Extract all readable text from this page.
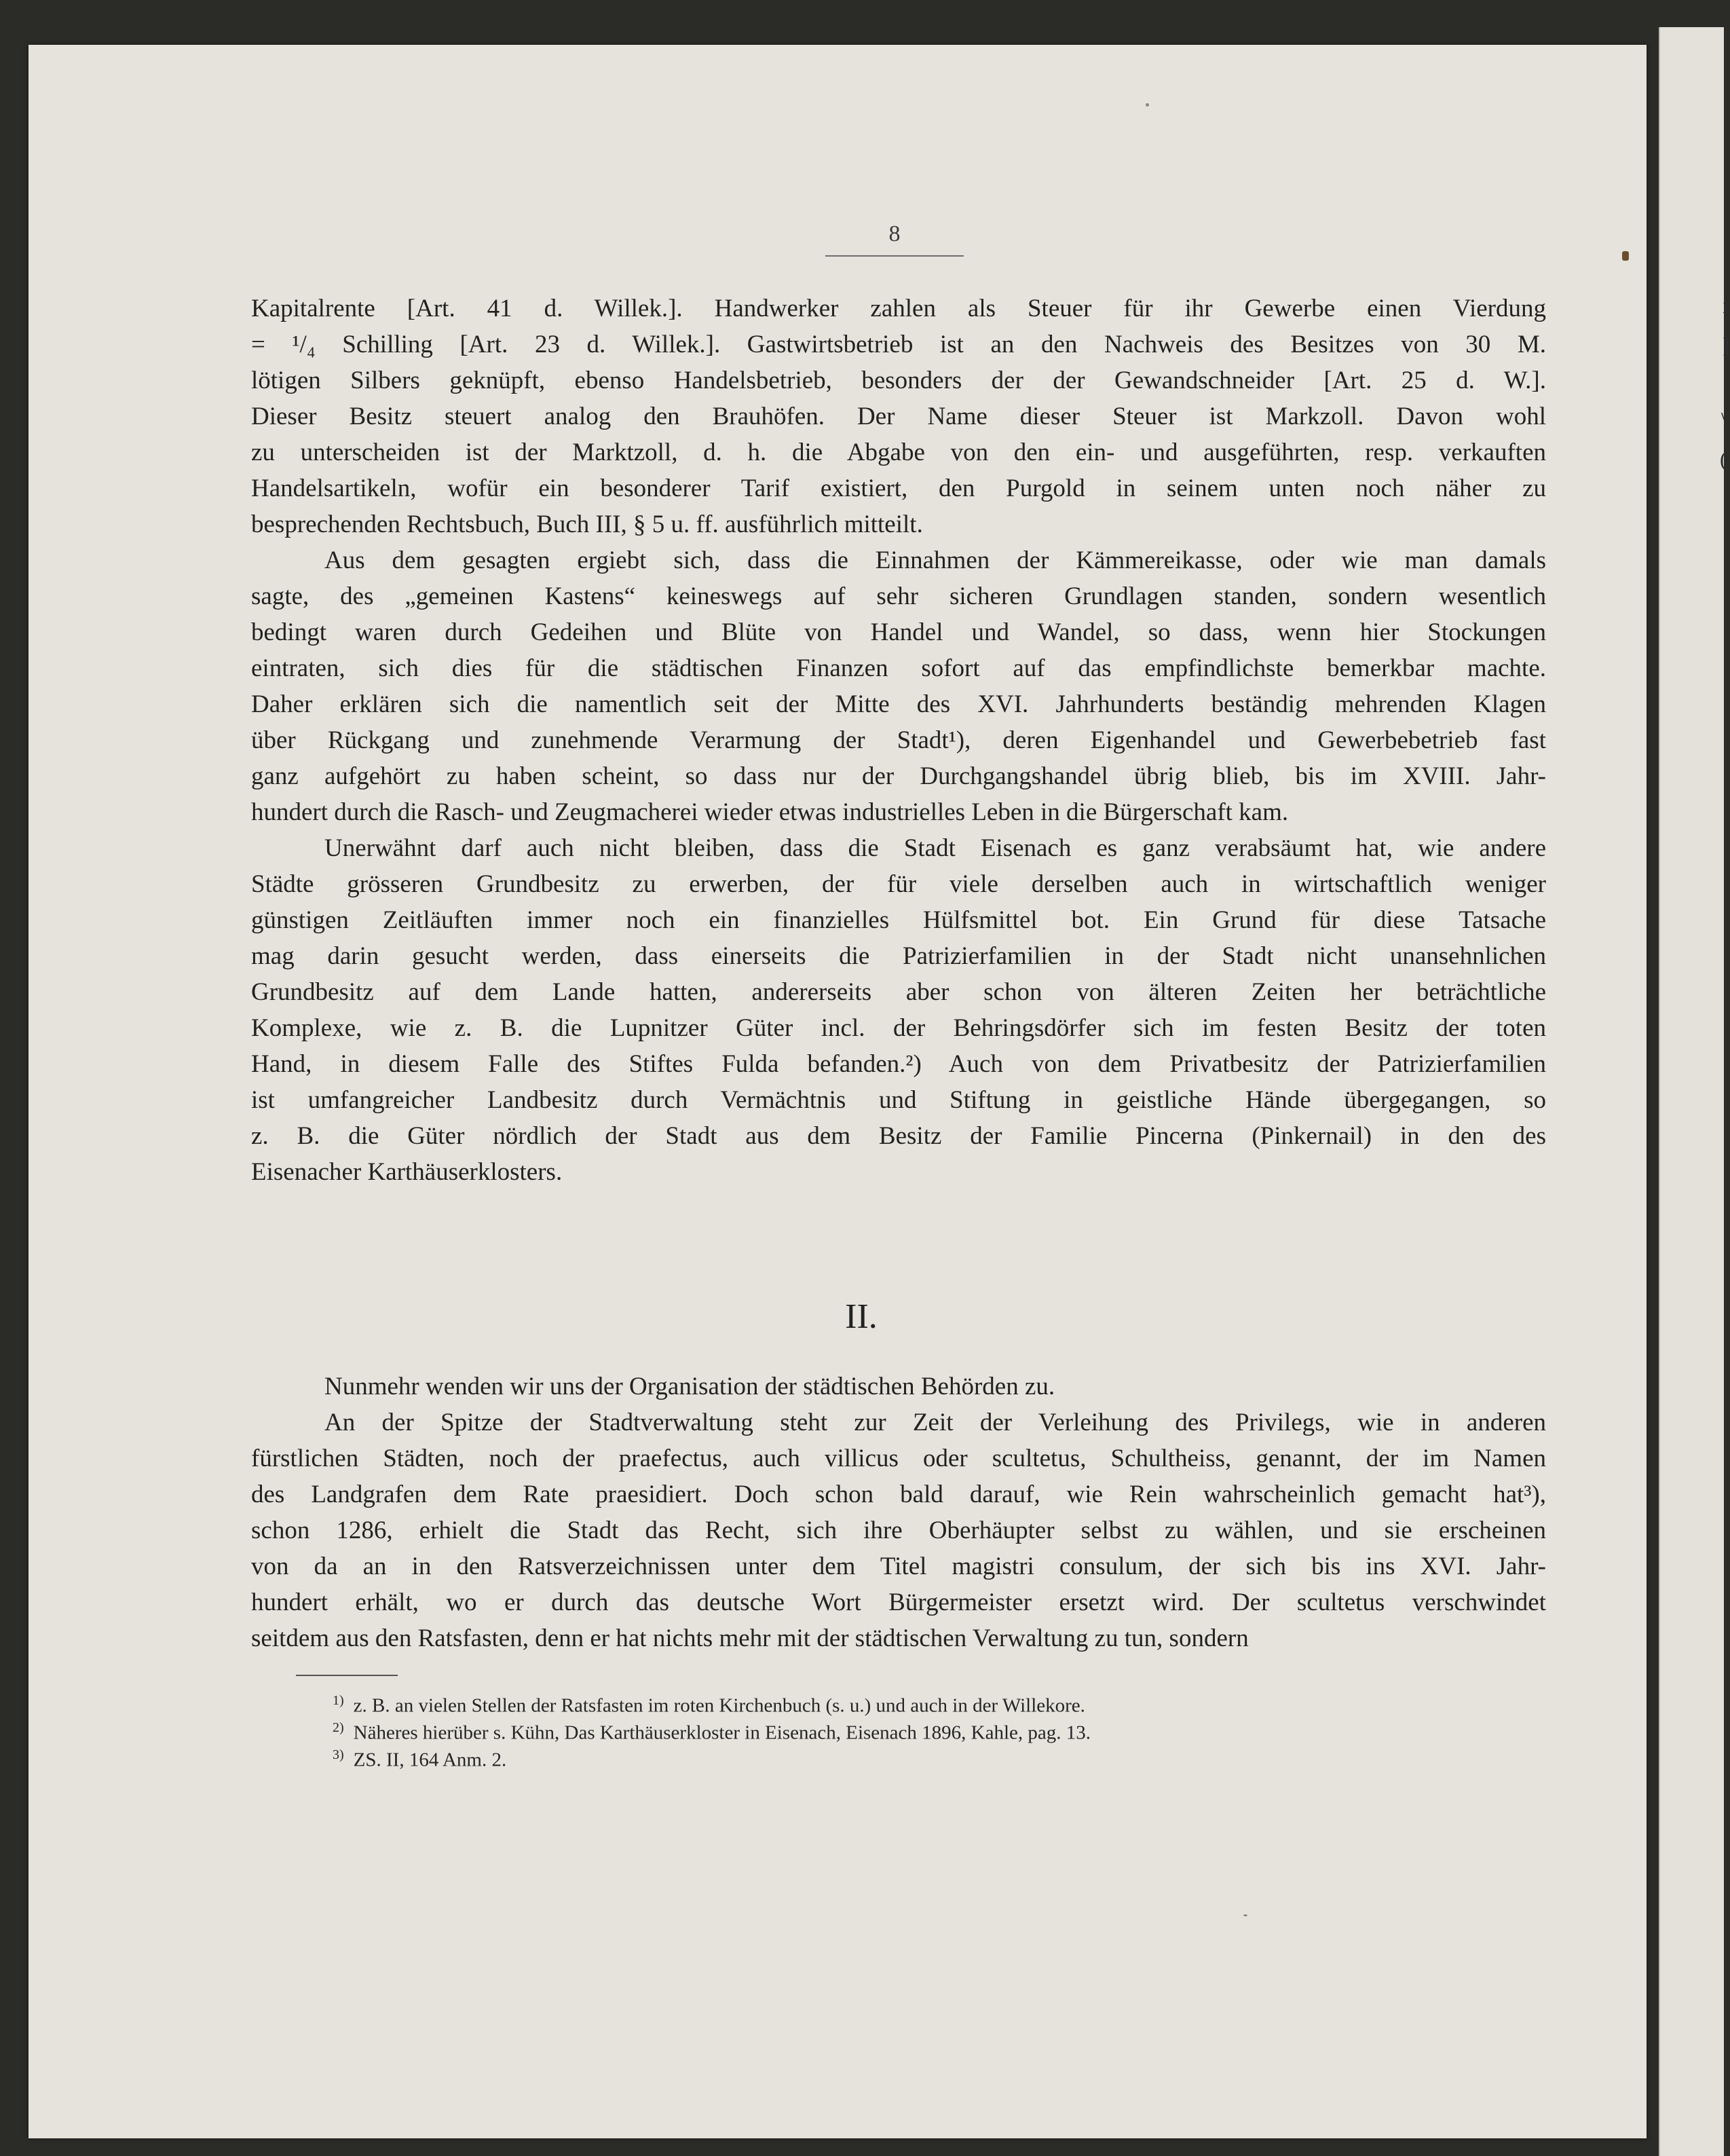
i
]
\
(
8
Kapitalrente [Art. 41 d. Willek.]. Handwerker zahlen als Steuer für ihr Gewerbe einen Vierdung
= ¹/₄ Schilling [Art. 23 d. Willek.]. Gastwirtsbetrieb ist an den Nachweis des Besitzes von 30 M.
lötigen Silbers geknüpft, ebenso Handelsbetrieb, besonders der der Gewandschneider [Art. 25 d. W.].
Dieser Besitz steuert analog den Brauhöfen. Der Name dieser Steuer ist Markzoll. Davon wohl
zu unterscheiden ist der Marktzoll, d. h. die Abgabe von den ein- und ausgeführten, resp. verkauften
Handelsartikeln, wofür ein besonderer Tarif existiert, den Purgold in seinem unten noch näher zu
besprechenden Rechtsbuch, Buch III, § 5 u. ff. ausführlich mitteilt.
Aus dem gesagten ergiebt sich, dass die Einnahmen der Kämmereikasse, oder wie man damals
sagte, des „gemeinen Kastens“ keineswegs auf sehr sicheren Grundlagen standen, sondern wesentlich
bedingt waren durch Gedeihen und Blüte von Handel und Wandel, so dass, wenn hier Stockungen
eintraten, sich dies für die städtischen Finanzen sofort auf das empfindlichste bemerkbar machte.
Daher erklären sich die namentlich seit der Mitte des XVI. Jahrhunderts beständig mehrenden Klagen
über Rückgang und zunehmende Verarmung der Stadt¹), deren Eigenhandel und Gewerbebetrieb fast
ganz aufgehört zu haben scheint, so dass nur der Durchgangshandel übrig blieb, bis im XVIII. Jahr-
hundert durch die Rasch- und Zeugmacherei wieder etwas industrielles Leben in die Bürgerschaft kam.
Unerwähnt darf auch nicht bleiben, dass die Stadt Eisenach es ganz verabsäumt hat, wie andere
Städte grösseren Grundbesitz zu erwerben, der für viele derselben auch in wirtschaftlich weniger
günstigen Zeitläuften immer noch ein finanzielles Hülfsmittel bot. Ein Grund für diese Tatsache
mag darin gesucht werden, dass einerseits die Patrizierfamilien in der Stadt nicht unansehnlichen
Grundbesitz auf dem Lande hatten, andererseits aber schon von älteren Zeiten her beträchtliche
Komplexe, wie z. B. die Lupnitzer Güter incl. der Behringsdörfer sich im festen Besitz der toten
Hand, in diesem Falle des Stiftes Fulda befanden.²) Auch von dem Privatbesitz der Patrizierfamilien
ist umfangreicher Landbesitz durch Vermächtnis und Stiftung in geistliche Hände übergegangen, so
z. B. die Güter nördlich der Stadt aus dem Besitz der Familie Pincerna (Pinkernail) in den des
Eisenacher Karthäuserklosters.
II.
Nunmehr wenden wir uns der Organisation der städtischen Behörden zu.
An der Spitze der Stadtverwaltung steht zur Zeit der Verleihung des Privilegs, wie in anderen
fürstlichen Städten, noch der praefectus, auch villicus oder scultetus, Schultheiss, genannt, der im Namen
des Landgrafen dem Rate praesidiert. Doch schon bald darauf, wie Rein wahrscheinlich gemacht hat³),
schon 1286, erhielt die Stadt das Recht, sich ihre Oberhäupter selbst zu wählen, und sie erscheinen
von da an in den Ratsverzeichnissen unter dem Titel magistri consulum, der sich bis ins XVI. Jahr-
hundert erhält, wo er durch das deutsche Wort Bürgermeister ersetzt wird. Der scultetus verschwindet
seitdem aus den Ratsfasten, denn er hat nichts mehr mit der städtischen Verwaltung zu tun, sondern
$^{1)}$ z. B. an vielen Stellen der Ratsfasten im roten Kirchenbuch (s. u.) und auch in der Willekore.
$^{2)}$ Näheres hierüber s. Kühn, Das Karthäuserkloster in Eisenach, Eisenach 1896, Kahle, pag. 13.
$^{3)}$ ZS. II, 164 Anm. 2.
